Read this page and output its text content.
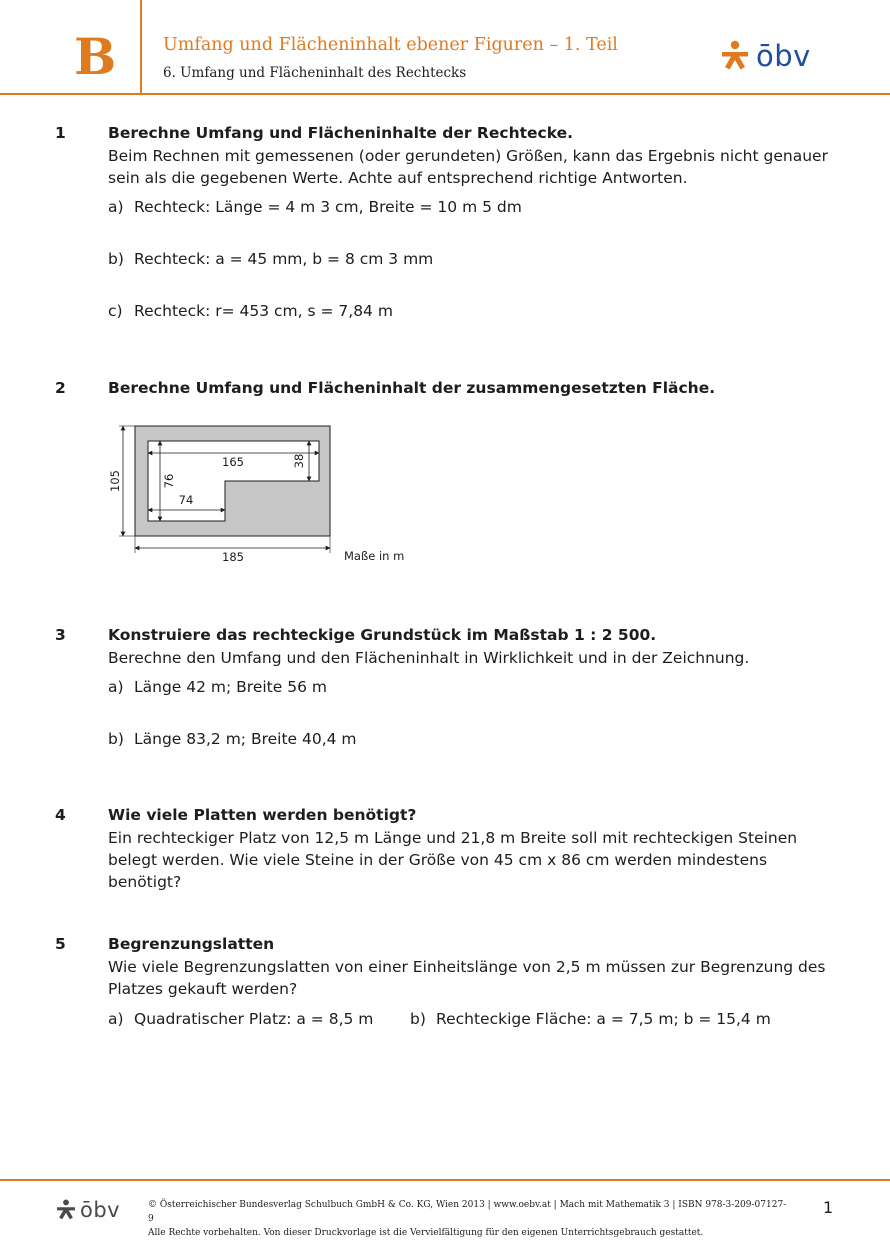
B	Umfang und Flächeninhalt ebener Figuren – 1. Teil
6. Umfang und Flächeninhalt des Rechtecks	ōbv
1	Berechne Umfang und Flächeninhalte der Rechtecke.
Beim Rechnen mit gemessenen (oder gerundeten) Größen, kann das Ergebnis nicht genauer sein als die gegebenen Werte. Achte auf entsprechend richtige Antworten.
a) Rechteck: Länge = 4 m 3 cm, Breite = 10 m 5 dm
b) Rechteck: a = 45 mm, b = 8 cm 3 mm
c) Rechteck: r= 453 cm, s = 7,84 m
2	Berechne Umfang und Flächeninhalt der zusammengesetzten Fläche.
165	38
76
74
105
185	Maße in m
3	Konstruiere das rechteckige Grundstück im Maßstab 1 : 2 500.
Berechne den Umfang und den Flächeninhalt in Wirklichkeit und in der Zeichnung.
a) Länge 42 m; Breite 56 m
b) Länge 83,2 m; Breite 40,4 m
4	Wie viele Platten werden benötigt?
Ein rechteckiger Platz von 12,5 m Länge und 21,8 m Breite soll mit rechteckigen Steinen belegt werden. Wie viele Steine in der Größe von 45 cm x 86 cm werden mindestens benötigt?
5	Begrenzungslatten
Wie viele Begrenzungslatten von einer Einheitslänge von 2,5 m müssen zur Begrenzung des Platzes gekauft werden?
a) Quadratischer Platz: a = 8,5 m b) Rechteckige Fläche: a = 7,5 m; b = 15,4 m
ōbv	© Österreichischer Bundesverlag Schulbuch GmbH & Co. KG, Wien 2013 | www.oebv.at | Mach mit Mathematik 3 | ISBN 978-3-209-07127-9
Alle Rechte vorbehalten. Von dieser Druckvorlage ist die Vervielfältigung für den eigenen Unterrichtsgebrauch gestattet.
1
